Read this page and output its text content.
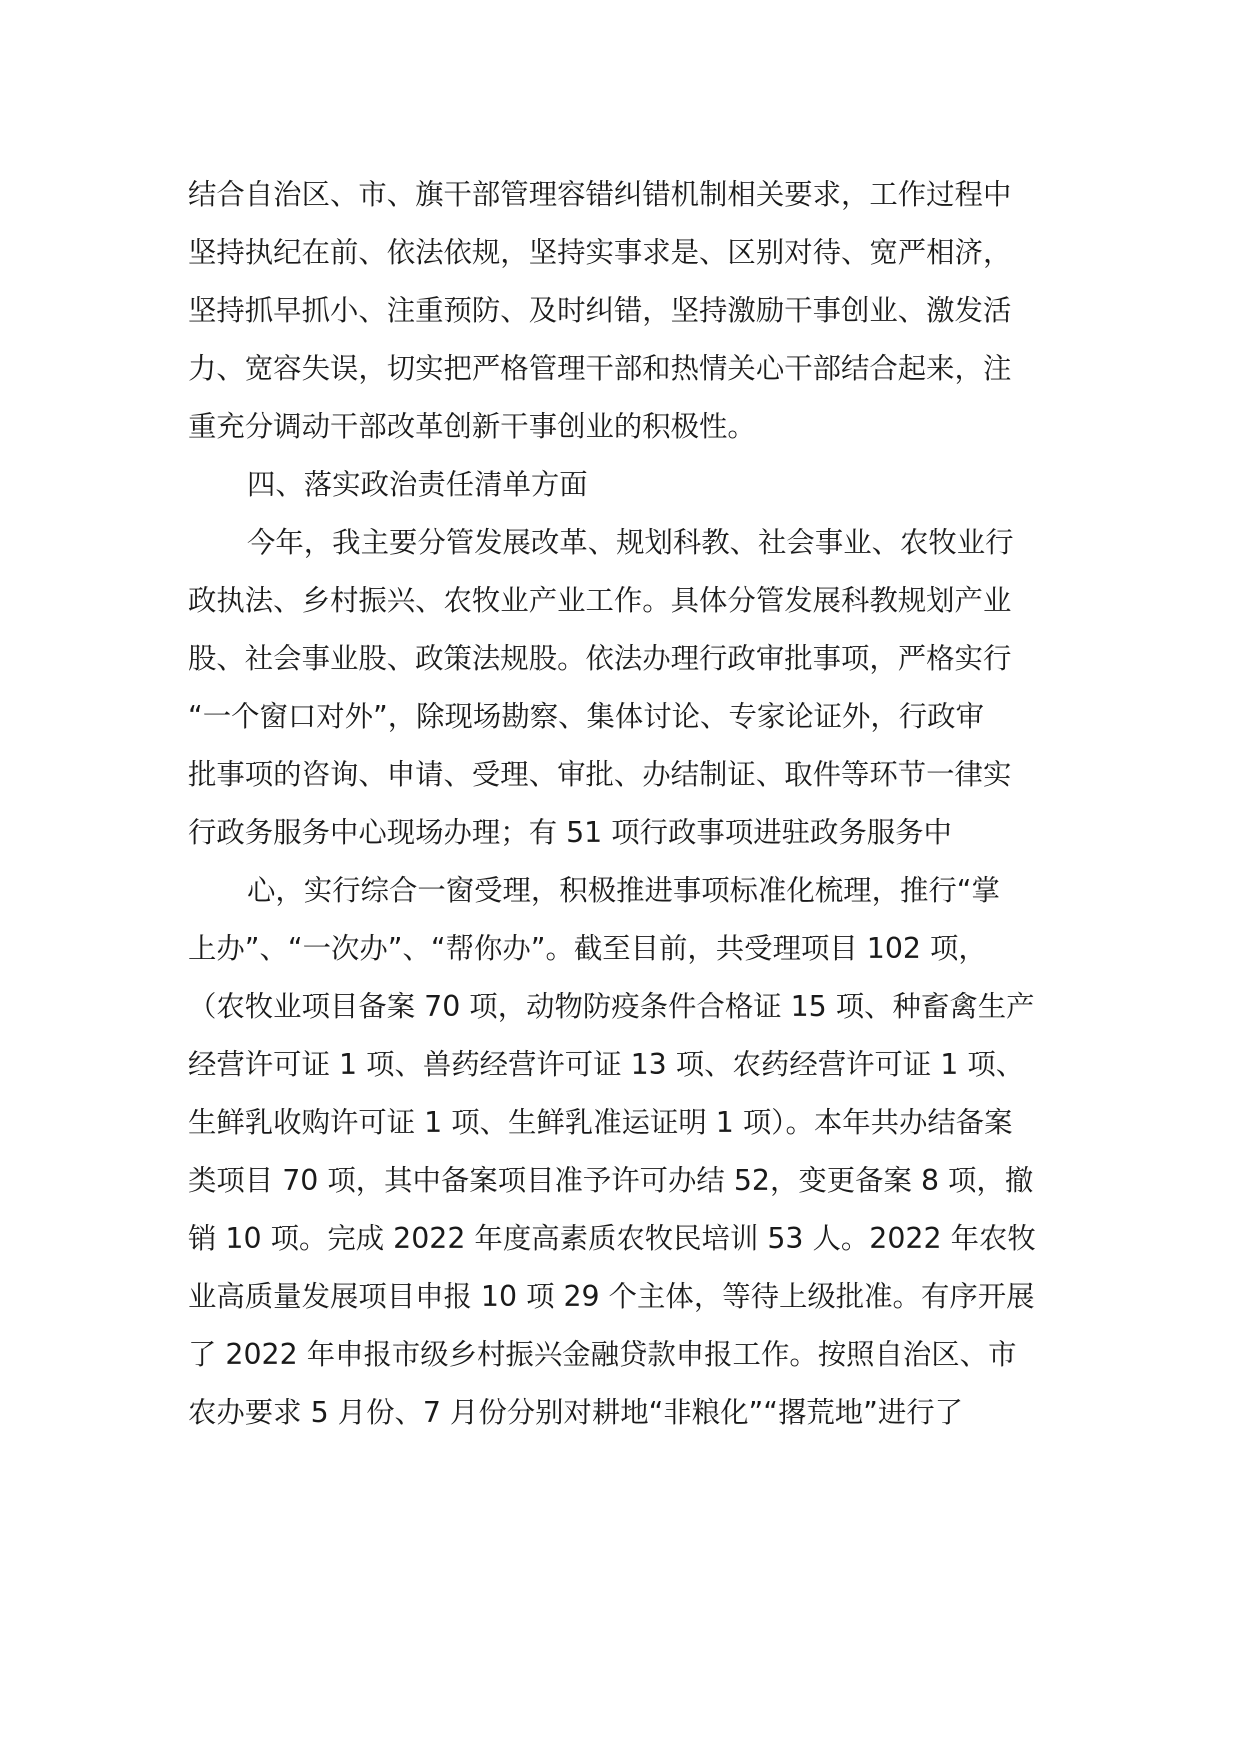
结合自治区、市、旗干部管理容错纠错机制相关要求，工作过程中
坚持执纪在前、依法依规，坚持实事求是、区别对待、宽严相济，
坚持抓早抓小、注重预防、及时纠错，坚持激励干事创业、激发活
力、宽容失误，切实把严格管理干部和热情关心干部结合起来，注
重充分调动干部改革创新干事创业的积极性。
四、落实政治责任清单方面
今年，我主要分管发展改革、规划科教、社会事业、农牧业行
政执法、乡村振兴、农牧业产业工作。具体分管发展科教规划产业
股、社会事业股、政策法规股。依法办理行政审批事项，严格实行
“一个窗口对外”，除现场勘察、集体讨论、专家论证外，行政审
批事项的咨询、申请、受理、审批、办结制证、取件等环节一律实
行政务服务中心现场办理；有 51 项行政事项进驻政务服务中
心，实行综合一窗受理，积极推进事项标准化梳理，推行“掌
上办”、“一次办”、“帮你办”。截至目前，共受理项目 102 项，
（农牧业项目备案 70 项，动物防疫条件合格证 15 项、种畜禽生产
经营许可证 1 项、兽药经营许可证 13 项、农药经营许可证 1 项、
生鲜乳收购许可证 1 项、生鲜乳准运证明 1 项）。本年共办结备案
类项目 70 项，其中备案项目准予许可办结 52，变更备案 8 项，撤
销 10 项。完成 2022 年度高素质农牧民培训 53 人。2022 年农牧
业高质量发展项目申报 10 项 29 个主体，等待上级批准。有序开展
了 2022 年申报市级乡村振兴金融贷款申报工作。按照自治区、市
农办要求 5 月份、7 月份分别对耕地“非粮化”“撂荒地”进行了
